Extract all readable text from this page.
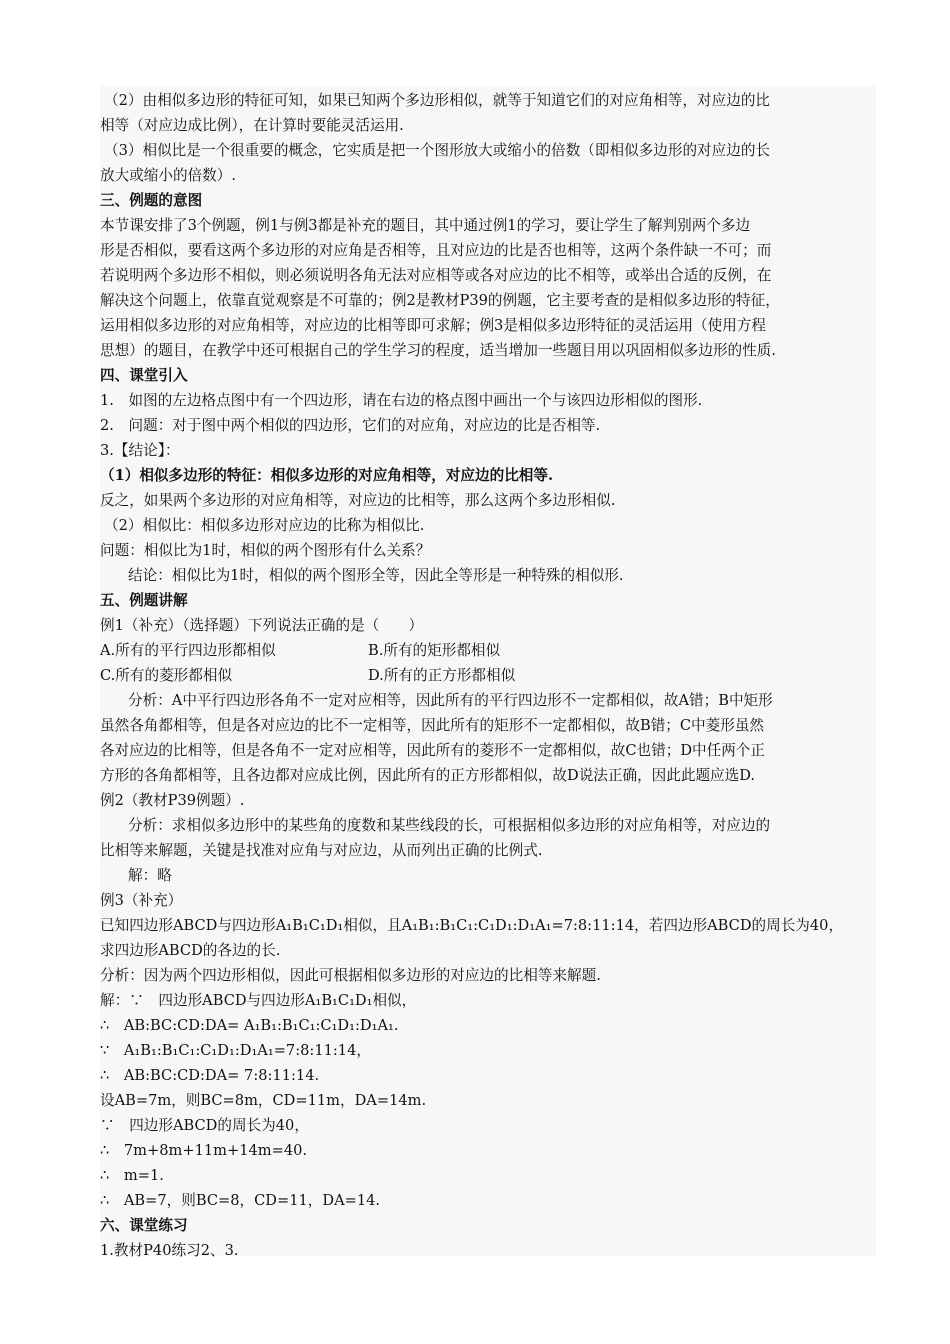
（2）由相似多边形的特征可知，如果已知两个多边形相似，就等于知道它们的对应角相等，对应边的比
相等（对应边成比例），在计算时要能灵活运用.
（3）相似比是一个很重要的概念，它实质是把一个图形放大或缩小的倍数（即相似多边形的对应边的长
放大或缩小的倍数）.
三、例题的意图
本节课安排了3个例题，例1与例3都是补充的题目，其中通过例1的学习，要让学生了解判别两个多边
形是否相似，要看这两个多边形的对应角是否相等，且对应边的比是否也相等，这两个条件缺一不可；而
若说明两个多边形不相似，则必须说明各角无法对应相等或各对应边的比不相等，或举出合适的反例，在
解决这个问题上，依靠直觉观察是不可靠的；例2是教材P39的例题，它主要考查的是相似多边形的特征，
运用相似多边形的对应角相等，对应边的比相等即可求解；例3是相似多边形特征的灵活运用（使用方程
思想）的题目，在教学中还可根据自己的学生学习的程度，适当增加一些题目用以巩固相似多边形的性质.
四、课堂引入
1.　如图的左边格点图中有一个四边形，请在右边的格点图中画出一个与该四边形相似的图形.
2.　问题：对于图中两个相似的四边形，它们的对应角，对应边的比是否相等.
3.【结论】：
（1）相似多边形的特征：相似多边形的对应角相等，对应边的比相等.
反之，如果两个多边形的对应角相等，对应边的比相等，那么这两个多边形相似.
（2）相似比：相似多边形对应边的比称为相似比.
问题：相似比为1时，相似的两个图形有什么关系？
结论：相似比为1时，相似的两个图形全等，因此全等形是一种特殊的相似形.
五、例题讲解
例1（补充）（选择题）下列说法正确的是（　　）
A.所有的平行四边形都相似	B.所有的矩形都相似
C.所有的菱形都相似	D.所有的正方形都相似
分析：A中平行四边形各角不一定对应相等，因此所有的平行四边形不一定都相似，故A错；B中矩形
虽然各角都相等，但是各对应边的比不一定相等，因此所有的矩形不一定都相似，故B错；C中菱形虽然
各对应边的比相等，但是各角不一定对应相等，因此所有的菱形不一定都相似，故C也错；D中任两个正
方形的各角都相等，且各边都对应成比例，因此所有的正方形都相似，故D说法正确，因此此题应选D.
例2（教材P39例题）.
分析：求相似多边形中的某些角的度数和某些线段的长，可根据相似多边形的对应角相等，对应边的
比相等来解题，关键是找准对应角与对应边，从而列出正确的比例式.
解：略
例3（补充）
已知四边形ABCD与四边形A₁B₁C₁D₁相似，且A₁B₁:B₁C₁:C₁D₁:D₁A₁=7:8:11:14，若四边形ABCD的周长为40，
求四边形ABCD的各边的长.
分析：因为两个四边形相似，因此可根据相似多边形的对应边的比相等来解题.
解：∵　四边形ABCD与四边形A₁B₁C₁D₁相似，
∴　AB:BC:CD:DA= A₁B₁:B₁C₁:C₁D₁:D₁A₁.
∵　A₁B₁:B₁C₁:C₁D₁:D₁A₁=7:8:11:14，
∴　AB:BC:CD:DA= 7:8:11:14.
设AB=7m，则BC=8m，CD=11m，DA=14m.
∵　四边形ABCD的周长为40，
∴　7m+8m+11m+14m=40.
∴　m=1.
∴　AB=7，则BC=8，CD=11，DA=14.
六、课堂练习
1.教材P40练习2、3.
